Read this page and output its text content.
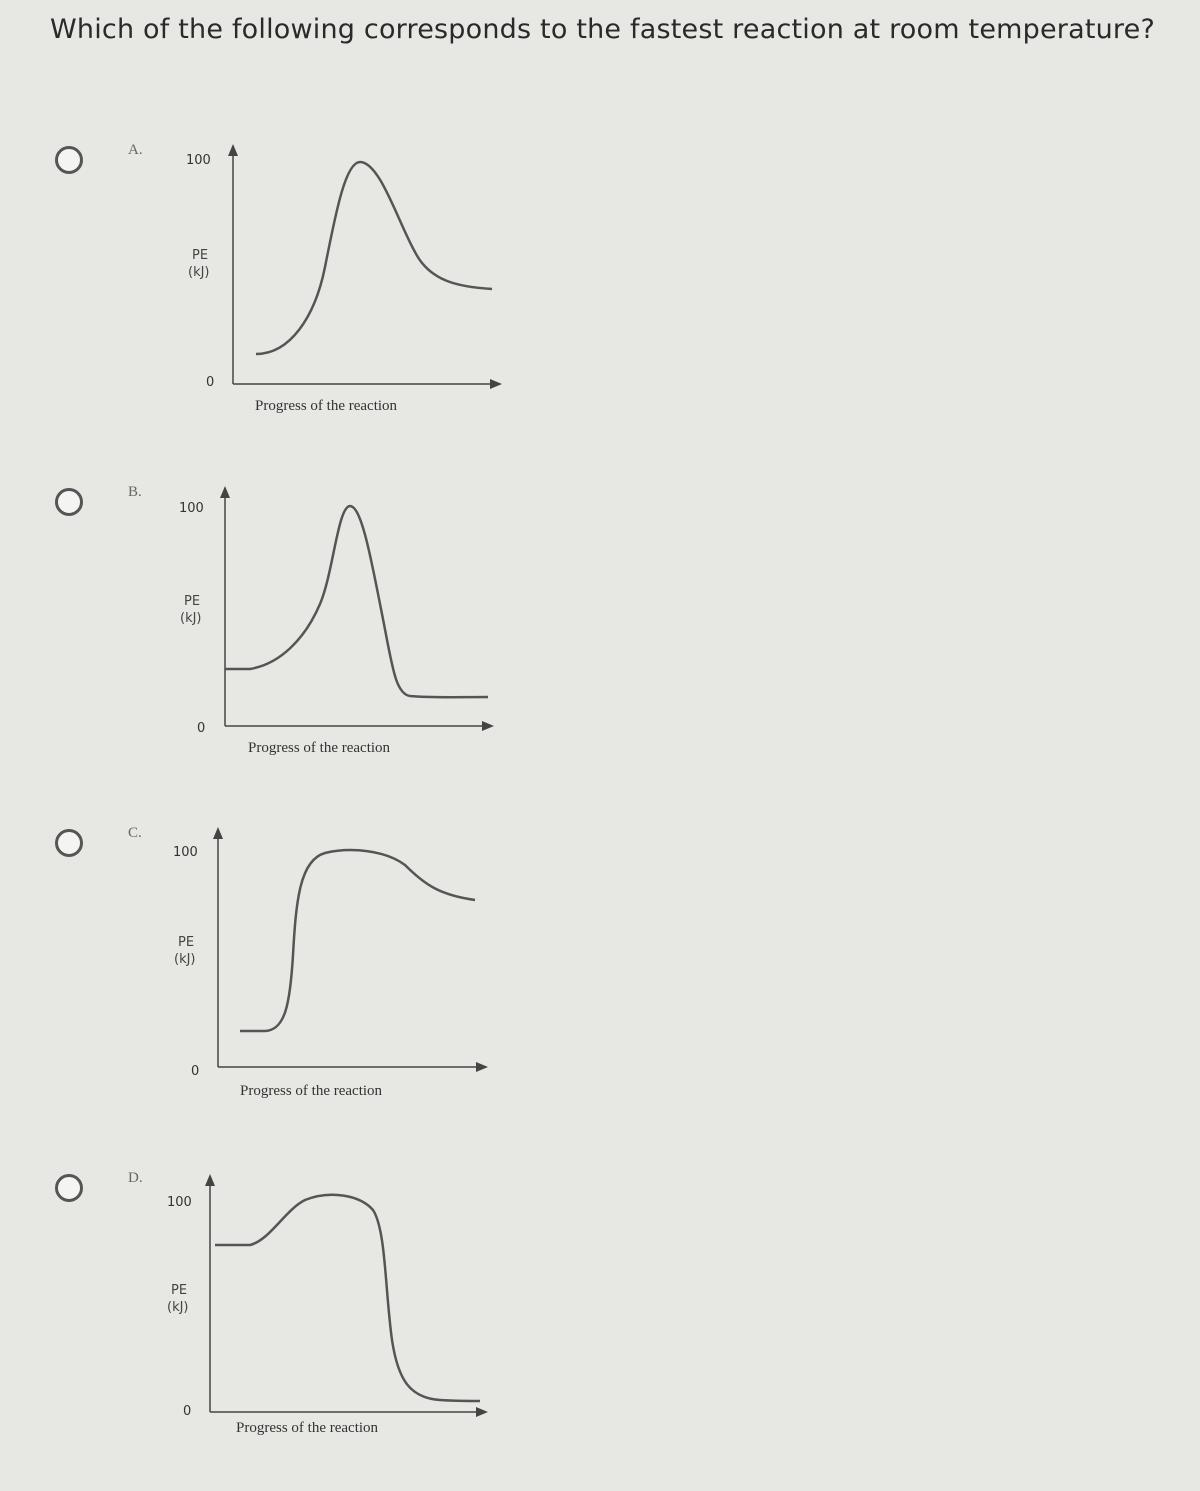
Which of the following corresponds to the fastest reaction at room temperature?
A.
100
PE
(kJ)
0
Progress of the reaction
B.
100
PE
(kJ)
0
Progress of the reaction
C.
100
PE
(kJ)
0
Progress of the reaction
D.
100
PE
(kJ)
0
Progress of the reaction
